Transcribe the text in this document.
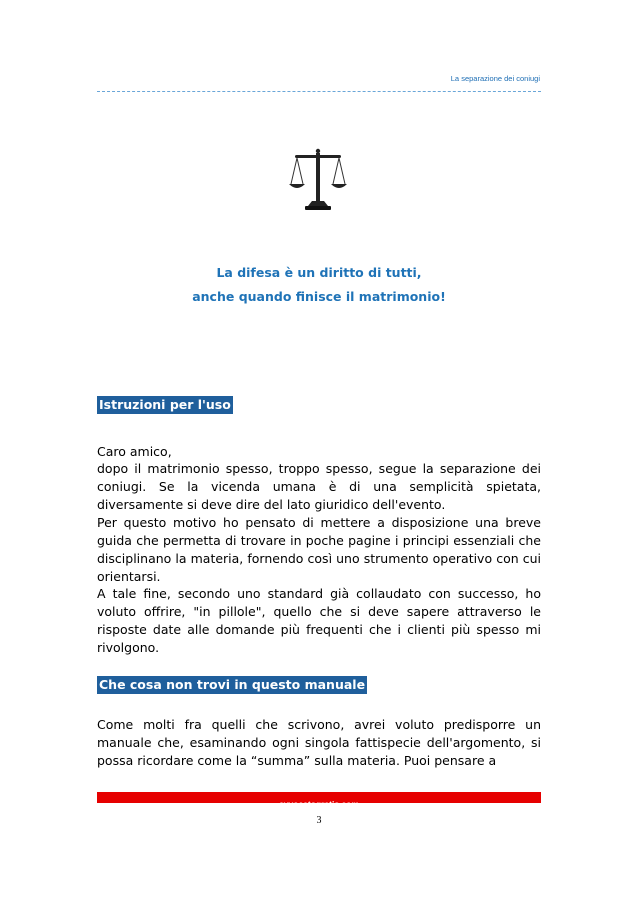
La separazione dei coniugi
La difesa è un diritto di tutti,
anche quando finisce il matrimonio!
Istruzioni per l'uso
Caro amico,
dopo il matrimonio spesso, troppo spesso, segue la separazione dei coniugi. Se la vicenda umana è di una semplicità spietata, diversamente si deve dire del lato giuridico dell'evento.
Per questo motivo ho pensato di mettere a disposizione una breve guida che permetta di trovare in poche pagine i principi essenziali che disciplinano la materia, fornendo così uno strumento operativo con cui orientarsi.
A tale fine, secondo uno standard già collaudato con successo, ho voluto offrire, "in pillole", quello che si deve sapere attraverso le risposte date alle domande più frequenti che i clienti più spesso mi rivolgono.
Che cosa non trovi in questo manuale
Come molti fra quelli che scrivono, avrei voluto predisporre un manuale che, esaminando ogni singola fattispecie dell'argomento, si possa ricordare come la “summa” sulla materia. Puoi pensare a
avvocatogratis.com
3
